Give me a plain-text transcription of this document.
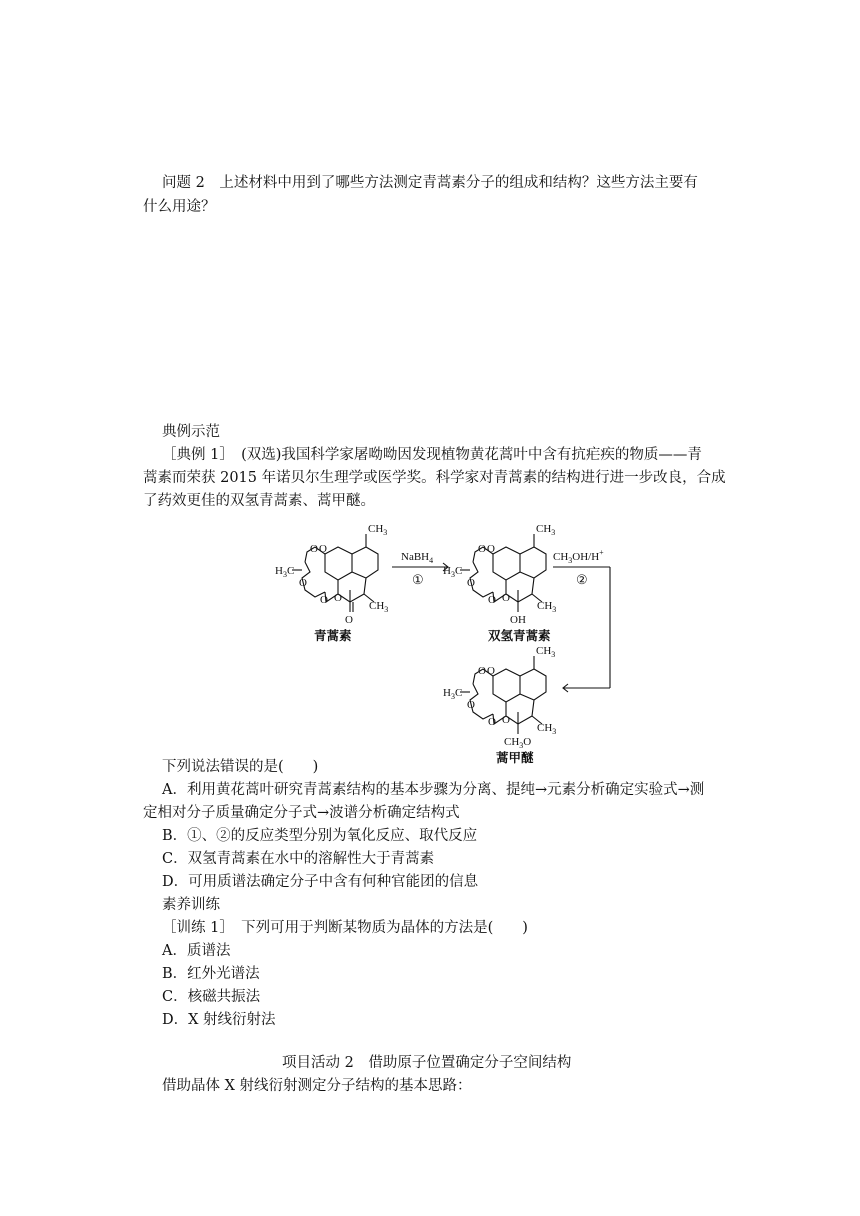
问题 2　上述材料中用到了哪些方法测定青蒿素分子的组成和结构？这些方法主要有
什么用途？
典例示范
［典例 1］　(双选)我国科学家屠呦呦因发现植物黄花蒿叶中含有抗疟疾的物质——青
蒿素而荣获 2015 年诺贝尔生理学或医学奖。科学家对青蒿素的结构进行进一步改良，合成
了药效更佳的双氢青蒿素、蒿甲醚。
$CH_3$
$H_3C$
O O
O
O O
O
$CH_3$
青蒿素
NaBH$_4$
①
$CH_3$
$H_3C$
O O
O
O O
OH
$CH_3$
双氢青蒿素
$CH_3OH/H^+$
②
$CH_3$
$H_3C$
O O
O
O O
$CH_3O$
$CH_3$
蒿甲醚
下列说法错误的是(　　)
A．利用黄花蒿叶研究青蒿素结构的基本步骤为分离、提纯→元素分析确定实验式→测
定相对分子质量确定分子式→波谱分析确定结构式
B．①、②的反应类型分别为氧化反应、取代反应
C．双氢青蒿素在水中的溶解性大于青蒿素
D．可用质谱法确定分子中含有何种官能团的信息
素养训练
［训练 1］　下列可用于判断某物质为晶体的方法是(　　)
A．质谱法
B．红外光谱法
C．核磁共振法
D．X 射线衍射法
项目活动 2　借助原子位置确定分子空间结构
借助晶体 X 射线衍射测定分子结构的基本思路：
